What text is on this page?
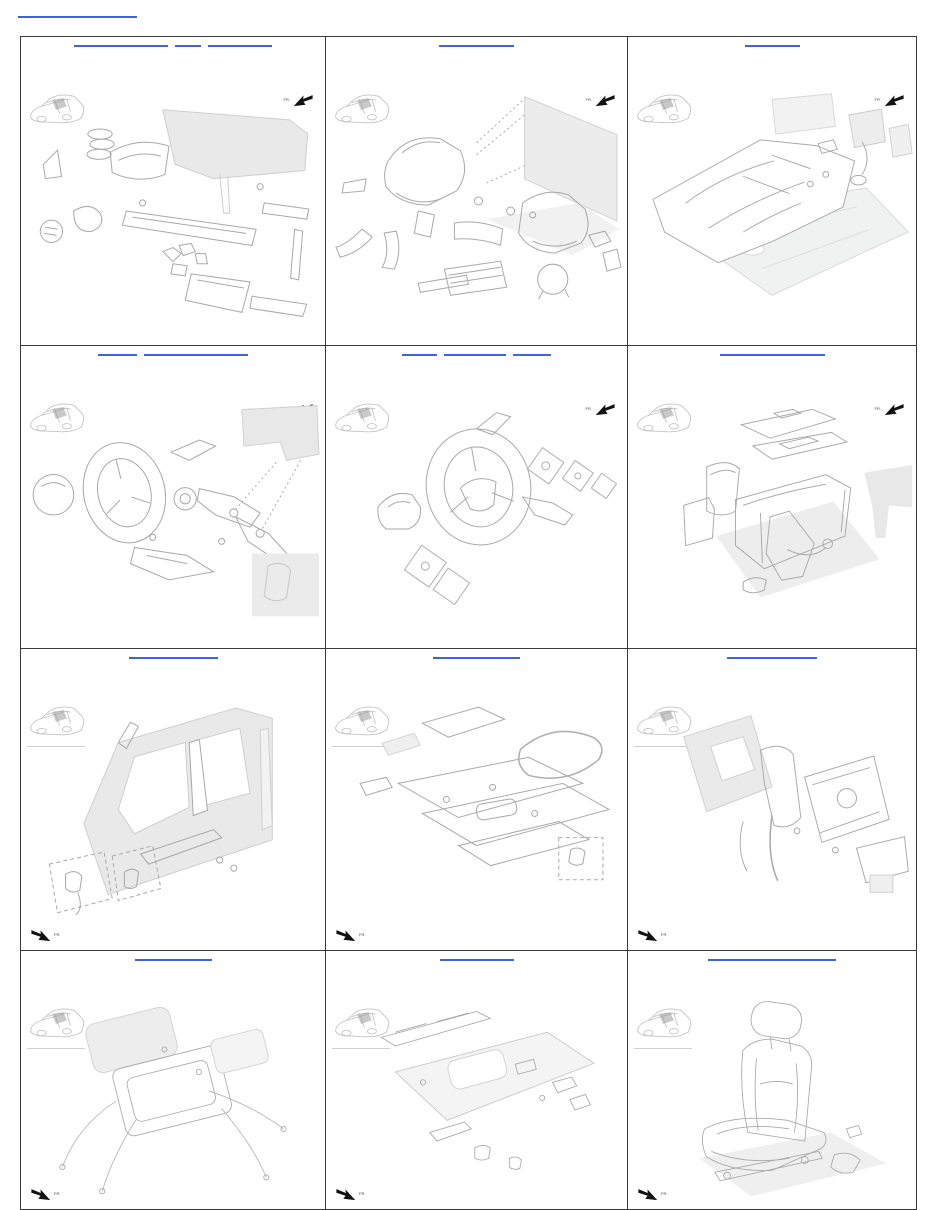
FR.	FR.	FR.
FR.	FR.
FR.	FR.	FR.
FR.	FR.	FR.
